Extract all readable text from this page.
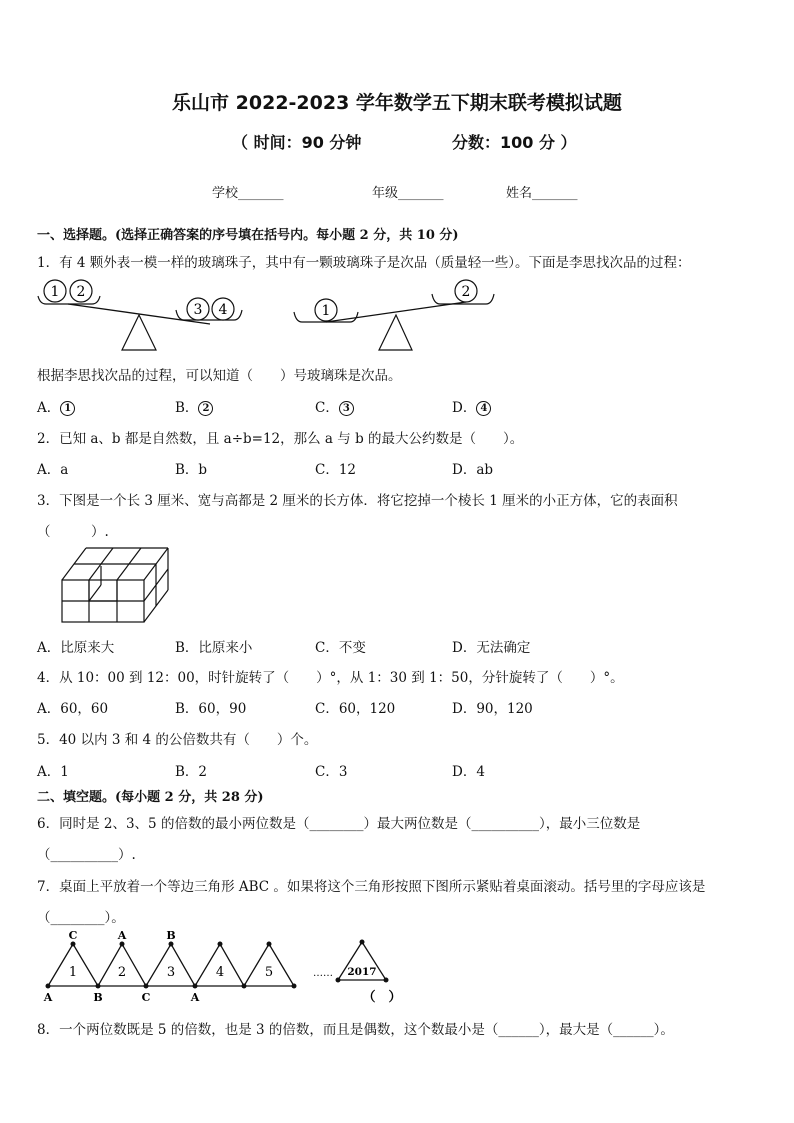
乐山市 2022-2023 学年数学五下期末联考模拟试题
（ 时间：90 分钟	分数：100 分 ）
学校_______	年级_______	姓名_______
一、选择题。(选择正确答案的序号填在括号内。每小题 2 分，共 10 分)
1．有 4 颗外表一模一样的玻璃珠子，其中有一颗玻璃珠子是次品（质量轻一些）。下面是李思找次品的过程：
1 2
3 4	1
2
根据李思找次品的过程，可以知道（　　）号玻璃珠是次品。
A． 1	B． 2	C． 3	D． 4
2．已知 a、b 都是自然数，且 a÷b=12，那么 a 与 b 的最大公约数是（　　）。
A．a	B．b	C．12	D．ab
3．下图是一个长 3 厘米、宽与高都是 2 厘米的长方体．将它挖掉一个棱长 1 厘米的小正方体，它的表面积
（　　　）.
A．比原来大	B．比原来小	C．不变	D．无法确定
4．从 10：00 到 12：00，时针旋转了（　　）°，从 1：30 到 1：50，分针旋转了（　　）°。
A．60，60	B．60，90	C．60，120	D．90，120
5．40 以内 3 和 4 的公倍数共有（　　）个。
A．1	B．2	C．3	D．4
二、填空题。(每小题 2 分，共 28 分)
6．同时是 2、3、5 的倍数的最小两位数是（________）最大两位数是（__________），最小三位数是
（__________）.
7．桌面上平放着一个等边三角形 ABC 。如果将这个三角形按照下图所示紧贴着桌面滚动。括号里的字母应该是
（________）。
C	A	B
A	B	C	A
1	2	3	4	5	…… 2017
（　）
8．一个两位数既是 5 的倍数，也是 3 的倍数，而且是偶数，这个数最小是（______），最大是（______）。
